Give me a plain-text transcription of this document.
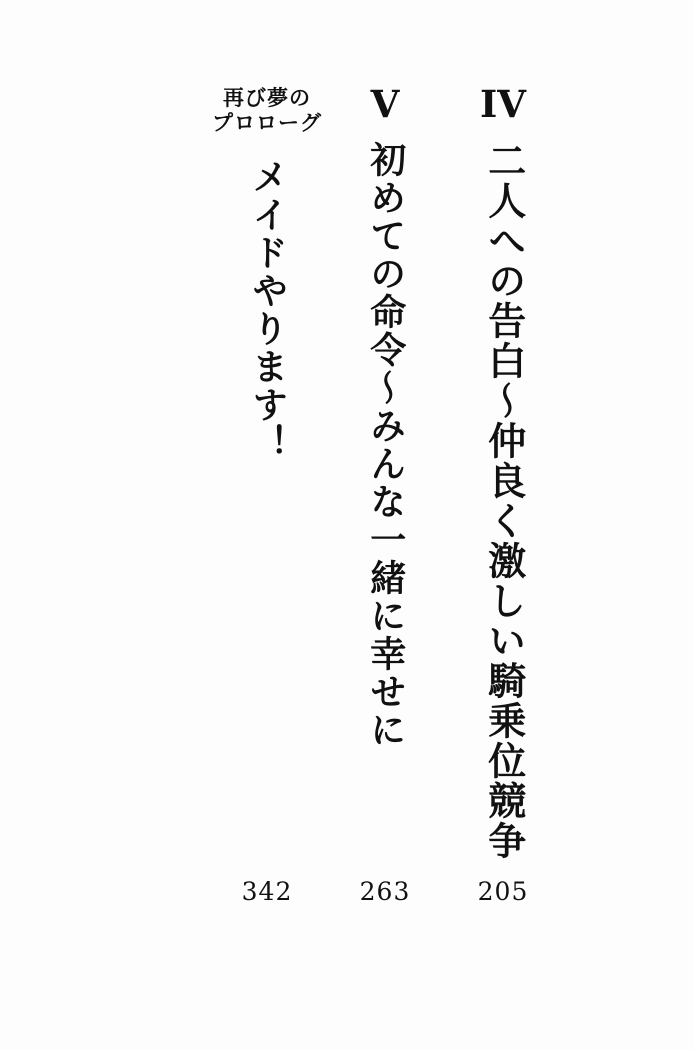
IV
二人への告白～仲良く激しい騎乗位競争
205
V
初めての命令～みんな一緒に幸せに
263
再び夢の
プロローグ
メイドやります！
342
